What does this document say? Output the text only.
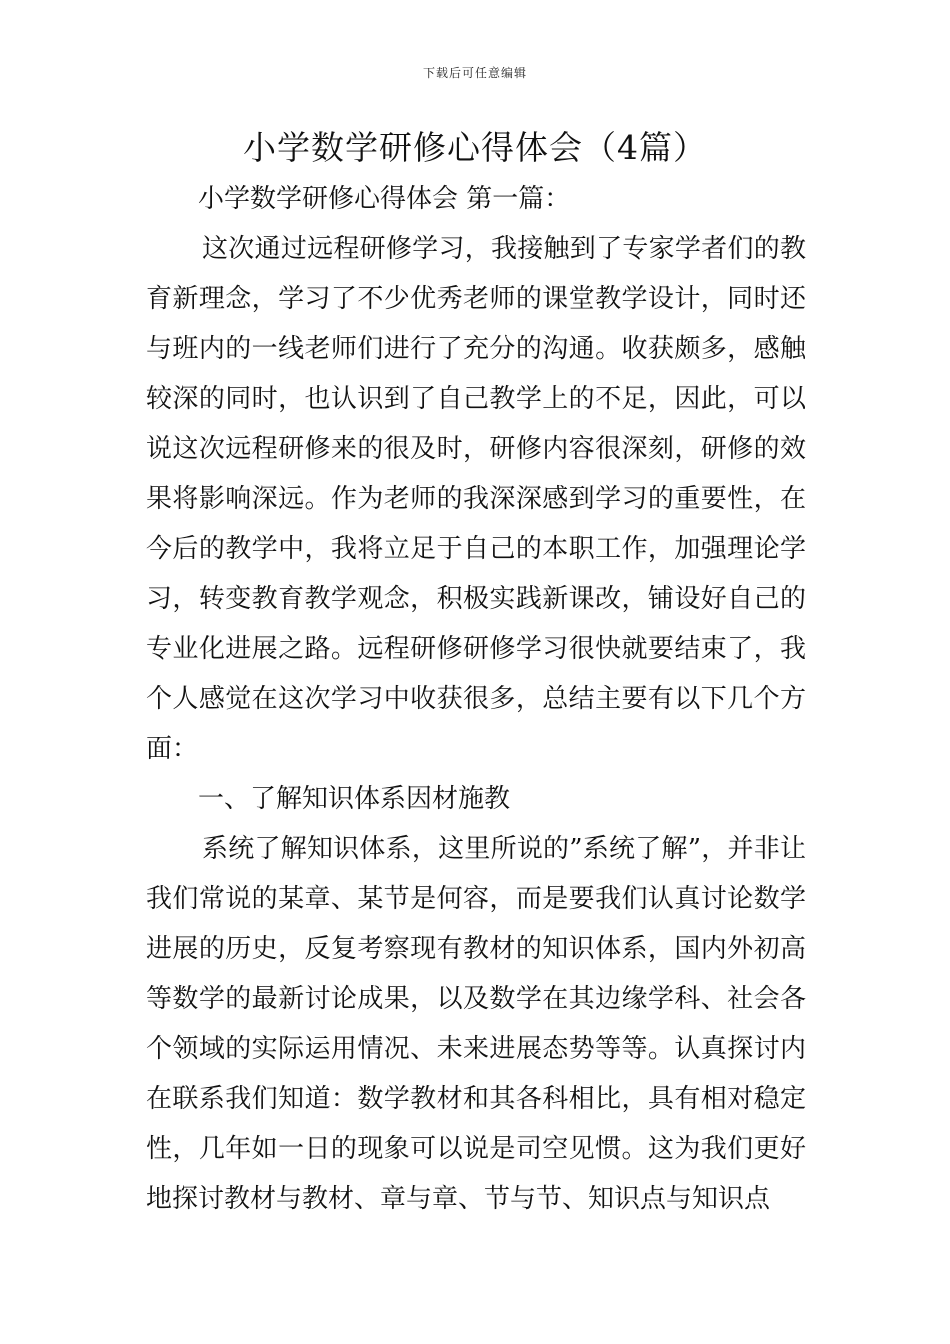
下载后可任意编辑
小学数学研修心得体会（4篇）

小学数学研修心得体会 第一篇：

这次通过远程研修学习，我接触到了专家学者们的教育新理念，学习了不少优秀老师的课堂教学设计，同时还与班内的一线老师们进行了充分的沟通。收获颇多，感触较深的同时，也认识到了自己教学上的不足，因此，可以说这次远程研修来的很及时，研修内容很深刻，研修的效果将影响深远。作为老师的我深深感到学习的重要性，在今后的教学中，我将立足于自己的本职工作，加强理论学习，转变教育教学观念，积极实践新课改，铺设好自己的专业化进展之路。远程研修研修学习很快就要结束了，我个人感觉在这次学习中收获很多，总结主要有以下几个方面：

一、了解知识体系因材施教

系统了解知识体系，这里所说的”系统了解”，并非让我们常说的某章、某节是何容，而是要我们认真讨论数学进展的历史，反复考察现有教材的知识体系，国内外初高等数学的最新讨论成果，以及数学在其边缘学科、社会各个领域的实际运用情况、未来进展态势等等。认真探讨内在联系我们知道：数学教材和其各科相比，具有相对稳定性，几年如一日的现象可以说是司空见惯。这为我们更好地探讨教材与教材、章与章、节与节、知识点与知识点
